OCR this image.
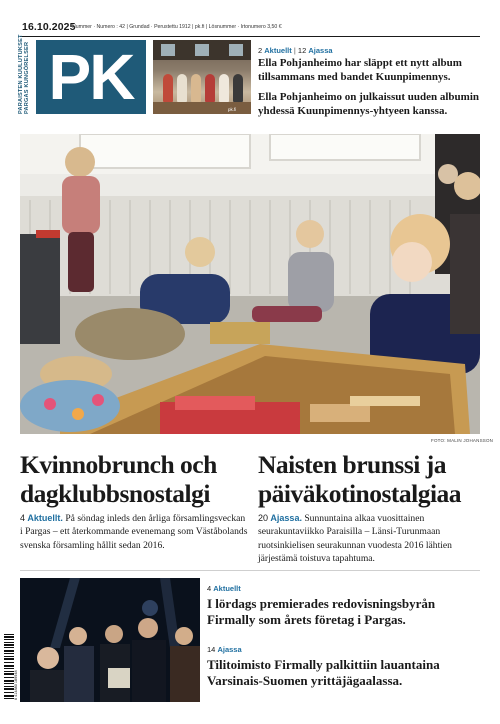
16.10.2025
Nummer · Numero : 42 | Grundad · Perustettu 1912 | pk.fi | Lösnummer · Irtonumero 3,50 €
PARGAS KUNGÖRELSER
PARAISTEN KUULUTUKSET PK	pk.fi
2 Aktuellt | 12 Ajassa
Ella Pohjanheimo har släppt ett nytt album tillsammans med bandet Kuunpimennys.
Ella Pohjanheimo on julkaissut uuden albumin yhdessä Kuunpimennys-yhtyeen kanssa.
FOTO: MALIN JOHANSSON
Kvinnobrunch och dagklubbsnostalgi
Naisten brunssi ja päiväkotinostalgiaa
4 Aktuellt. På söndag inleds den årliga församlingsveckan i Pargas – ett återkommande evenemang som Väståbolands svenska församling hållit sedan 2016.
20 Ajassa. Sunnuntaina alkaa vuosittainen seurakuntaviikko Paraisilla – Länsi-Turunmaan ruotsinkielisen seurakunnan vuodesta 2016 lähtien järjestämä toistuva tapahtuma.
4 Aktuellt
I lördags premierades redovisningsbyrån Firmally som årets företag i Pargas.
14 Ajassa
Tilitoimisto Firmally palkittiin lauantaina Varsinais-Suomen yrittäjägaalassa.
6 414880 189948
